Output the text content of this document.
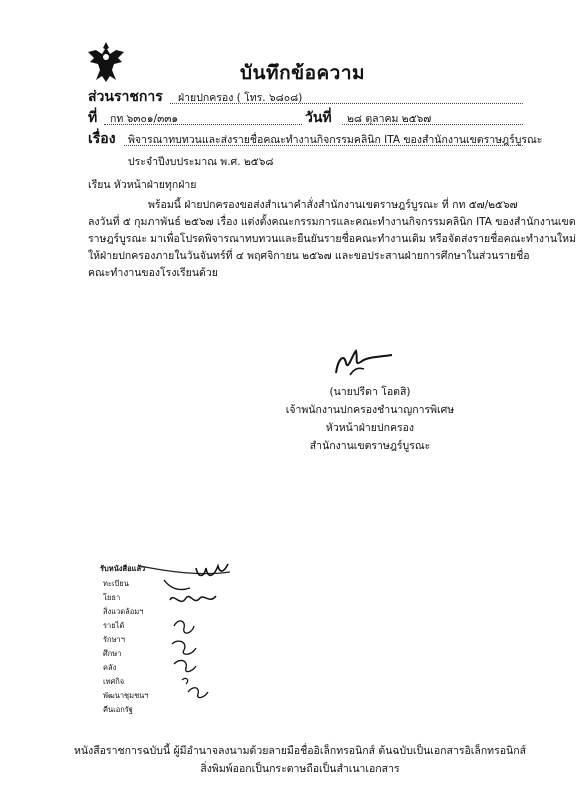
บันทึกข้อความ
ส่วนราชการ ฝ่ายปกครอง ( โทร. ๖๘๐๘)
ที่ กท ๖๓๐๑/๓๓๑	วันที่ ๒๘ ตุลาคม ๒๕๖๗
เรื่อง พิจารณาทบทวนและส่งรายชื่อคณะทำงานกิจกรรมคลินิก ITA ของสำนักงานเขตราษฎร์บูรณะ
ประจำปีงบประมาณ พ.ศ. ๒๕๖๘
เรียน หัวหน้าฝ่ายทุกฝ่าย
พร้อมนี้ ฝ่ายปกครองขอส่งสำเนาคำสั่งสำนักงานเขตราษฎร์บูรณะ ที่ กท ๕๗/๒๕๖๗
ลงวันที่ ๕ กุมภาพันธ์ ๒๕๖๗ เรื่อง แต่งตั้งคณะกรรมการและคณะทำงานกิจกรรมคลินิก ITA ของสำนักงานเขต
ราษฎร์บูรณะ มาเพื่อโปรดพิจารณาทบทวนและยืนยันรายชื่อคณะทำงานเดิม หรือจัดส่งรายชื่อคณะทำงานใหม่
ให้ฝ่ายปกครองภายในวันจันทร์ที่ ๔ พฤศจิกายน ๒๕๖๗ และขอประสานฝ่ายการศึกษาในส่วนรายชื่อ
คณะทำงานของโรงเรียนด้วย
(นายปรีดา โอตสิ)
เจ้าพนักงานปกครองชำนาญการพิเศษ
หัวหน้าฝ่ายปกครอง
สำนักงานเขตราษฎร์บูรณะ
รับหนังสือแล้ว
ทะเบียน
โยธา
สิ่งแวดล้อมฯ
รายได้
รักษาฯ
ศึกษา
คลัง
เทศกิจ
พัฒนาชุมชนฯ
คืนเอกรัฐ
หนังสือราชการฉบับนี้ ผู้มีอำนาจลงนามด้วยลายมือชื่ออิเล็กทรอนิกส์ ต้นฉบับเป็นเอกสารอิเล็กทรอนิกส์
สิ่งพิมพ์ออกเป็นกระดาษถือเป็นสำเนาเอกสาร
